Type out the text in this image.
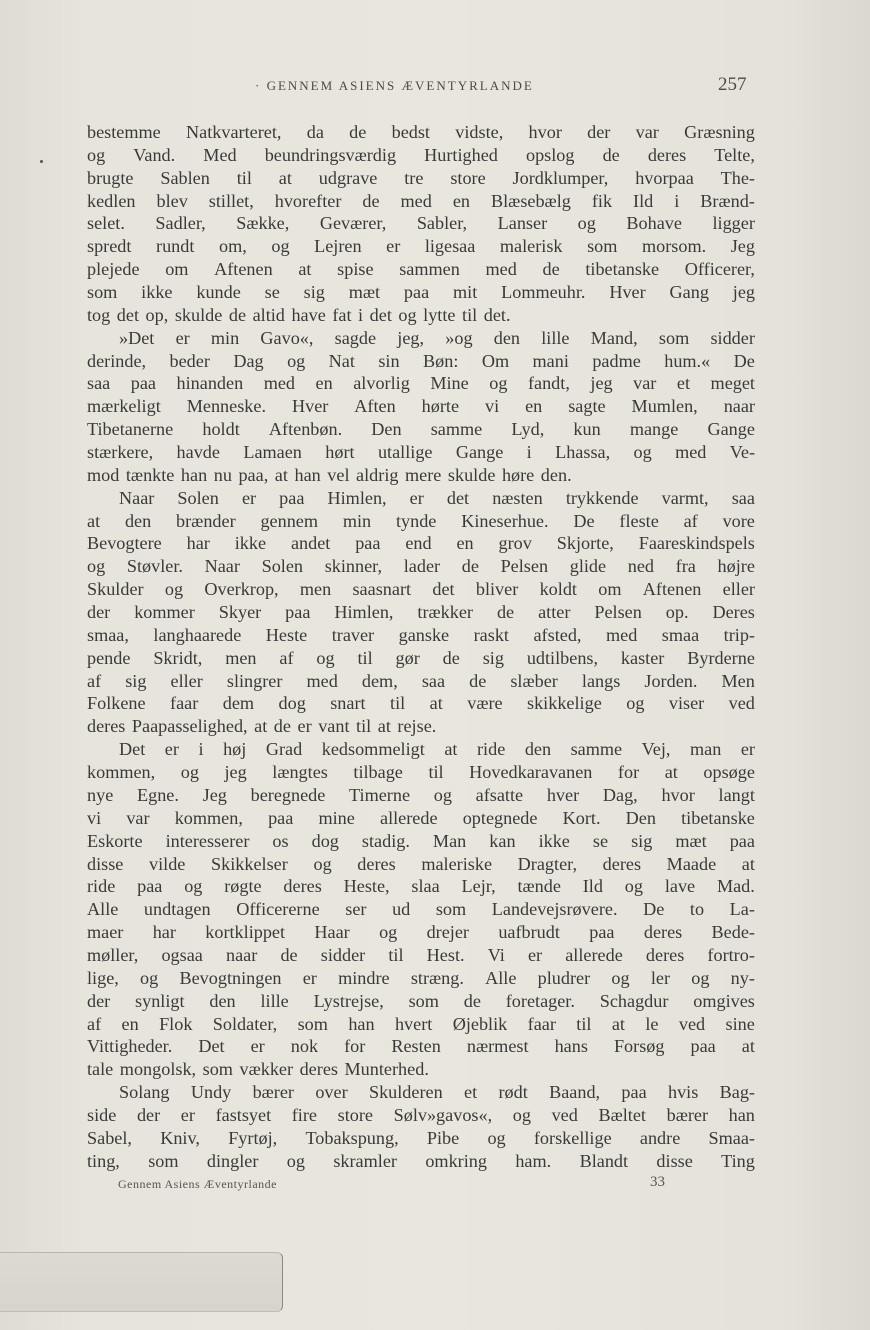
· GENNEM ASIENS ÆVENTYRLANDE	257
bestemme Natkvarteret, da de bedst vidste, hvor der var Græsning
og Vand. Med beundringsværdig Hurtighed opslog de deres Telte,
brugte Sablen til at udgrave tre store Jordklumper, hvorpaa The-
kedlen blev stillet, hvorefter de med en Blæsebælg fik Ild i Brænd-
selet. Sadler, Sække, Geværer, Sabler, Lanser og Bohave ligger
spredt rundt om, og Lejren er ligesaa malerisk som morsom. Jeg
plejede om Aftenen at spise sammen med de tibetanske Officerer,
som ikke kunde se sig mæt paa mit Lommeuhr. Hver Gang jeg
tog det op, skulde de altid have fat i det og lytte til det.
»Det er min Gavo«, sagde jeg, »og den lille Mand, som sidder
derinde, beder Dag og Nat sin Bøn: Om mani padme hum.« De
saa paa hinanden med en alvorlig Mine og fandt, jeg var et meget
mærkeligt Menneske. Hver Aften hørte vi en sagte Mumlen, naar
Tibetanerne holdt Aftenbøn. Den samme Lyd, kun mange Gange
stærkere, havde Lamaen hørt utallige Gange i Lhassa, og med Ve-
mod tænkte han nu paa, at han vel aldrig mere skulde høre den.
Naar Solen er paa Himlen, er det næsten trykkende varmt, saa
at den brænder gennem min tynde Kineserhue. De fleste af vore
Bevogtere har ikke andet paa end en grov Skjorte, Faareskindspels
og Støvler. Naar Solen skinner, lader de Pelsen glide ned fra højre
Skulder og Overkrop, men saasnart det bliver koldt om Aftenen eller
der kommer Skyer paa Himlen, trækker de atter Pelsen op. Deres
smaa, langhaarede Heste traver ganske raskt afsted, med smaa trip-
pende Skridt, men af og til gør de sig udtilbens, kaster Byrderne
af sig eller slingrer med dem, saa de slæber langs Jorden. Men
Folkene faar dem dog snart til at være skikkelige og viser ved
deres Paapasselighed, at de er vant til at rejse.
Det er i høj Grad kedsommeligt at ride den samme Vej, man er
kommen, og jeg længtes tilbage til Hovedkaravanen for at opsøge
nye Egne. Jeg beregnede Timerne og afsatte hver Dag, hvor langt
vi var kommen, paa mine allerede optegnede Kort. Den tibetanske
Eskorte interesserer os dog stadig. Man kan ikke se sig mæt paa
disse vilde Skikkelser og deres maleriske Dragter, deres Maade at
ride paa og røgte deres Heste, slaa Lejr, tænde Ild og lave Mad.
Alle undtagen Officererne ser ud som Landevejsrøvere. De to La-
maer har kortklippet Haar og drejer uafbrudt paa deres Bede-
møller, ogsaa naar de sidder til Hest. Vi er allerede deres fortro-
lige, og Bevogtningen er mindre stræng. Alle pludrer og ler og ny-
der synligt den lille Lystrejse, som de foretager. Schagdur omgives
af en Flok Soldater, som han hvert Øjeblik faar til at le ved sine
Vittigheder. Det er nok for Resten nærmest hans Forsøg paa at
tale mongolsk, som vækker deres Munterhed.
Solang Undy bærer over Skulderen et rødt Baand, paa hvis Bag-
side der er fastsyet fire store Sølv»gavos«, og ved Bæltet bærer han
Sabel, Kniv, Fyrtøj, Tobakspung, Pibe og forskellige andre Smaa-
ting, som dingler og skramler omkring ham. Blandt disse Ting
Gennem Asiens Æventyrlande	33
